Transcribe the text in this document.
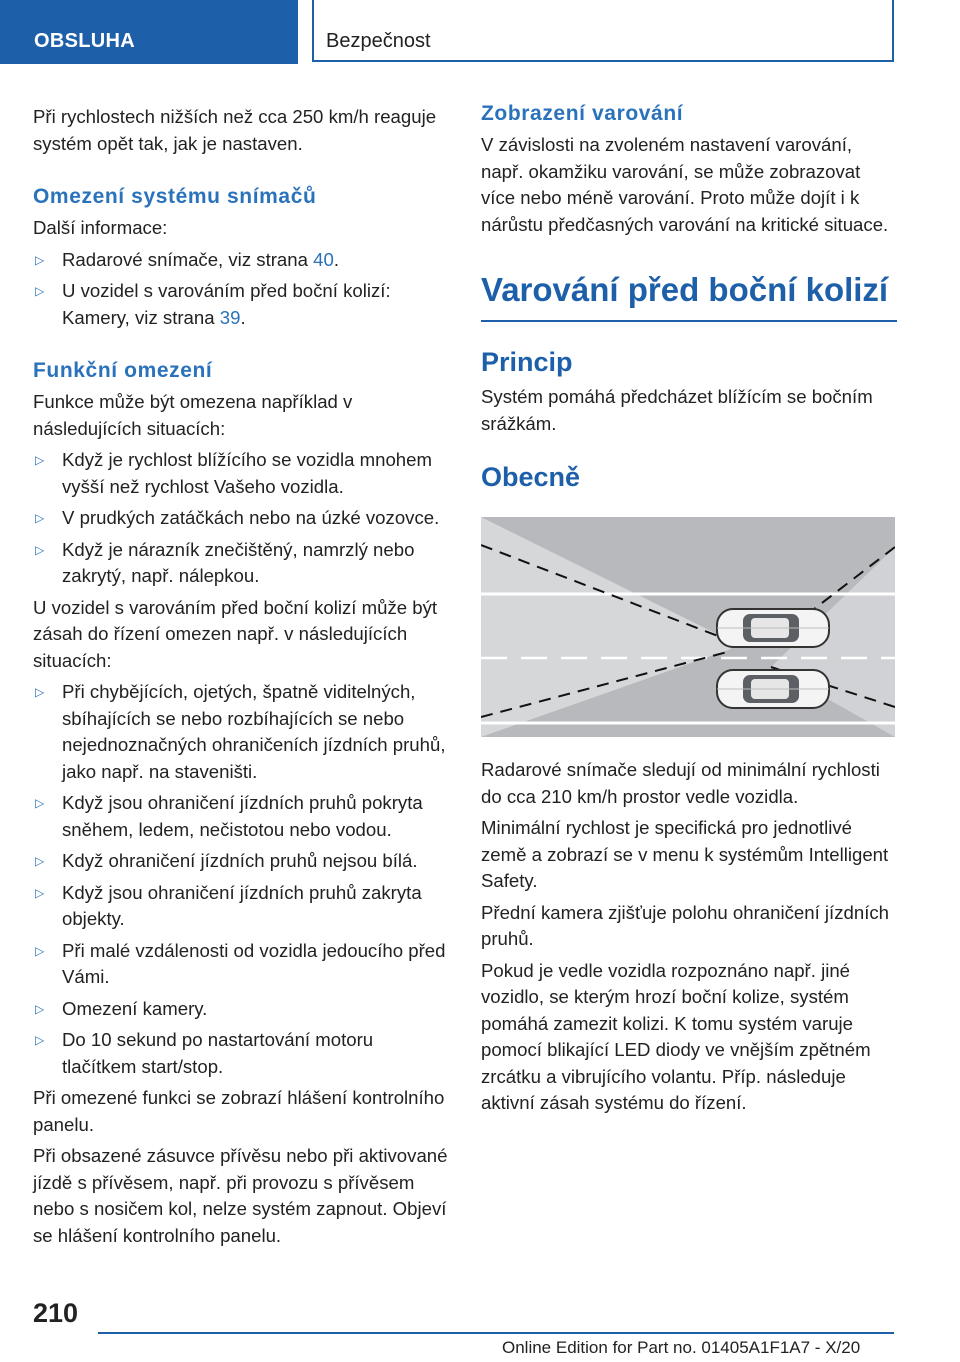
OBSLUHA	Bezpečnost

Při rychlostech nižších než cca 250 km/h reaguje systém opět tak, jak je nastaven.

Omezení systému snímačů

Další informace:

▷ Radarové snímače, viz strana 40.
▷ U vozidel s varováním před boční kolizí: Kamery, viz strana 39.
Funkční omezení

Funkce může být omezena například v následujících situacích:

▷ Když je rychlost blížícího se vozidla mnohem vyšší než rychlost Vašeho vozidla.
▷ V prudkých zatáčkách nebo na úzké vozovce.
▷ Když je nárazník znečištěný, namrzlý nebo zakrytý, např. nálepkou.

U vozidel s varováním před boční kolizí může být zásah do řízení omezen např. v následujících situacích:

▷ Při chybějících, ojetých, špatně viditelných, sbíhajících se nebo rozbíhajících se nebo nejednoznačných ohraničeních jízdních pruhů, jako např. na staveništi.
▷ Když jsou ohraničení jízdních pruhů pokryta sněhem, ledem, nečistotou nebo vodou.
▷ Když ohraničení jízdních pruhů nejsou bílá.
▷ Když jsou ohraničení jízdních pruhů zakryta objekty.
▷ Při malé vzdálenosti od vozidla jedoucího před Vámi.
▷ Omezení kamery.
▷ Do 10 sekund po nastartování motoru tlačítkem start/stop.

Při omezené funkci se zobrazí hlášení kontrolního panelu.

Při obsazené zásuvce přívěsu nebo při aktivované jízdě s přívěsem, např. při provozu s přívěsem nebo s nosičem kol, nelze systém zapnout. Objeví se hlášení kontrolního panelu.

Zobrazení varování

V závislosti na zvoleném nastavení varování, např. okamžiku varování, se může zobrazovat více nebo méně varování. Proto může dojít i k nárůstu předčasných varování na kritické situace.

Varování před boční kolizí
Princip

Systém pomáhá předcházet blížícím se bočním srážkám.

Obecně

Radarové snímače sledují od minimální rychlosti do cca 210 km/h prostor vedle vozidla.

Minimální rychlost je specifická pro jednotlivé země a zobrazí se v menu k systémům Intelligent Safety.

Přední kamera zjišťuje polohu ohraničení jízdních pruhů.

Pokud je vedle vozidla rozpoznáno např. jiné vozidlo, se kterým hrozí boční kolize, systém pomáhá zamezit kolizi. K tomu systém varuje pomocí blikající LED diody ve vnějším zpětném zrcátku a vibrujícího volantu. Příp. následuje aktivní zásah systému do řízení.

210
Online Edition for Part no. 01405A1F1A7 - X/20
